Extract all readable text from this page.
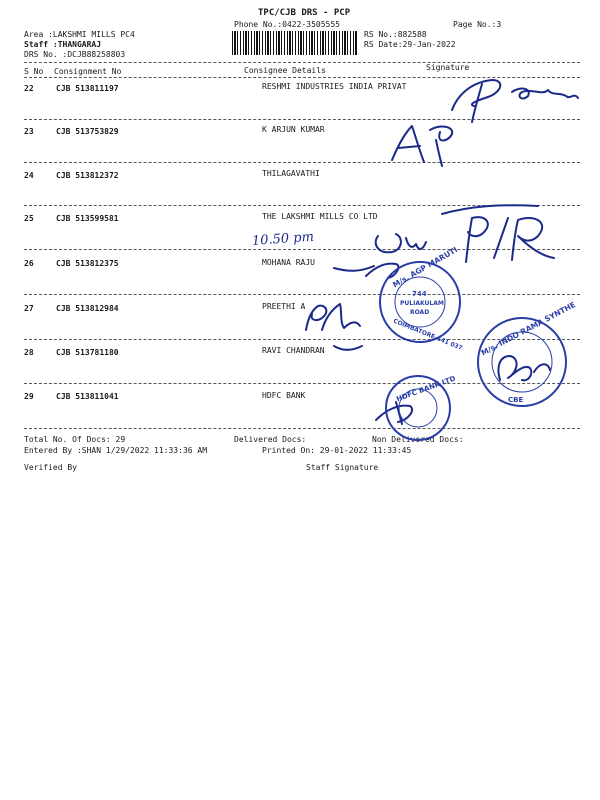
TPC/CJB DRS - PCP
Phone No.:0422-3505555	Page No.:3
Area :LAKSHMI MILLS PC4
Staff :THANGARAJ
DRS No. :DCJB88258803
RS No.:882588
RS Date:29-Jan-2022
S No Consignment No	Consignee Details	Signature
22	CJB 513811197	RESHMI INDUSTRIES INDIA PRIVAT
23	CJB 513753829	K ARJUN KUMAR
24	CJB 513812372	THILAGAVATHI
25	CJB 513599581	THE LAKSHMI MILLS CO LTD
26	CJB 513812375	MOHANA RAJU
27	CJB 513812984	PREETHI A
28	CJB 513781180	RAVI CHANDRAN
29	CJB 513811041	HDFC BANK
Total No. Of Docs: 29	Delivered Docs:	Non Delivered Docs:
Entered By :SHAN 1/29/2022 11:33:36 AM	Printed On: 29-01-2022 11:33:45
Verified By	Staff Signature
M/s. AGP MARUTI
744
PULIAKULAM
ROAD
COIMBATORE-641 037 M/s. INDO RAMA SYNTHE
CBE
HDFC BANK LTD
10.50 pm
